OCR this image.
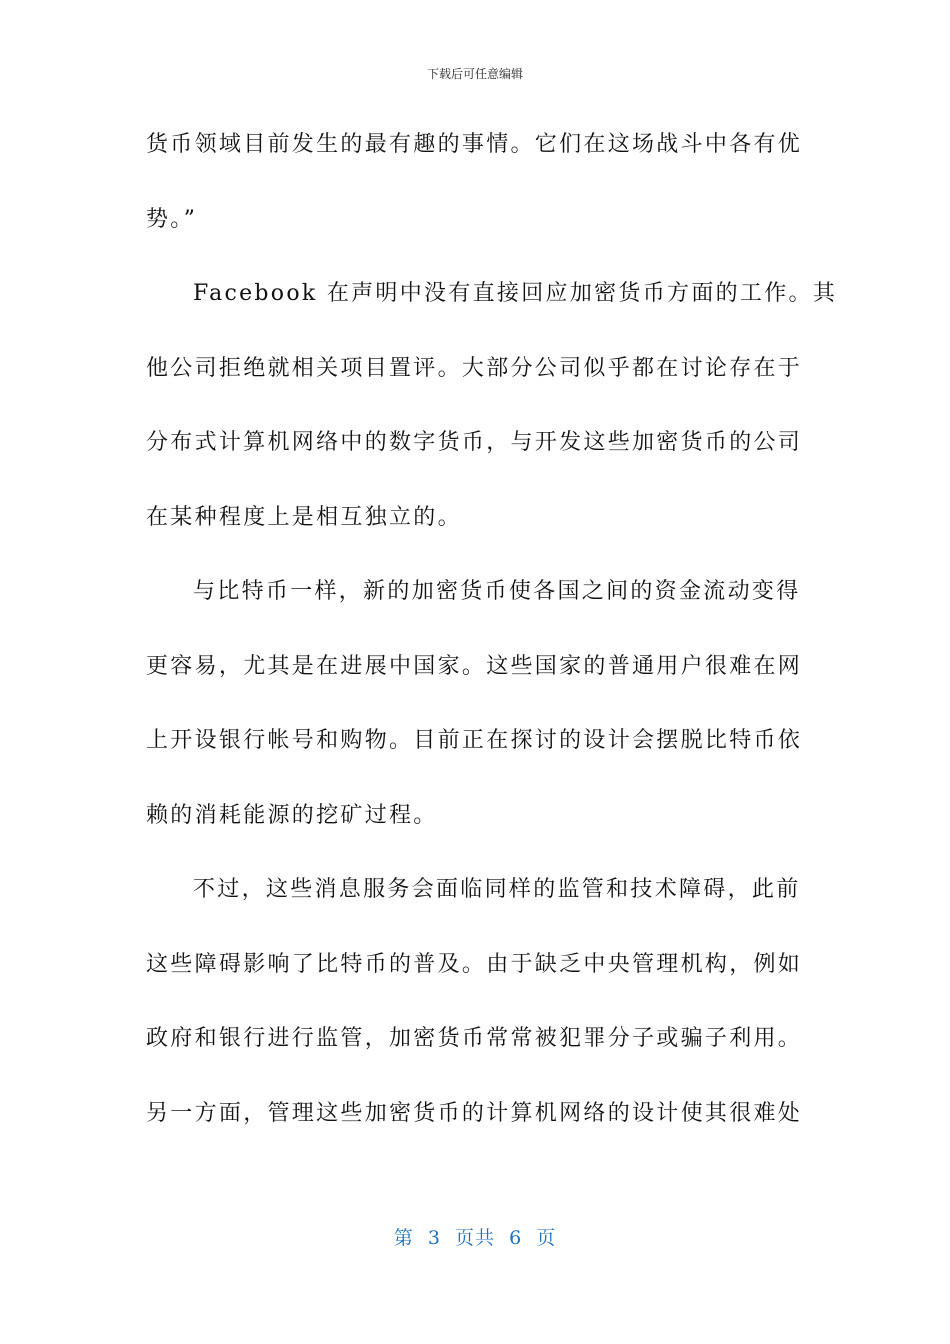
下载后可任意编辑
货币领域目前发生的最有趣的事情。它们在这场战斗中各有优
势。”
Facebook 在声明中没有直接回应加密货币方面的工作。其
他公司拒绝就相关项目置评。大部分公司似乎都在讨论存在于
分布式计算机网络中的数字货币，与开发这些加密货币的公司
在某种程度上是相互独立的。
与比特币一样，新的加密货币使各国之间的资金流动变得
更容易，尤其是在进展中国家。这些国家的普通用户很难在网
上开设银行帐号和购物。目前正在探讨的设计会摆脱比特币依
赖的消耗能源的挖矿过程。
不过，这些消息服务会面临同样的监管和技术障碍，此前
这些障碍影响了比特币的普及。由于缺乏中央管理机构，例如
政府和银行进行监管，加密货币常常被犯罪分子或骗子利用。
另一方面，管理这些加密货币的计算机网络的设计使其很难处
第  3  页共  6  页
